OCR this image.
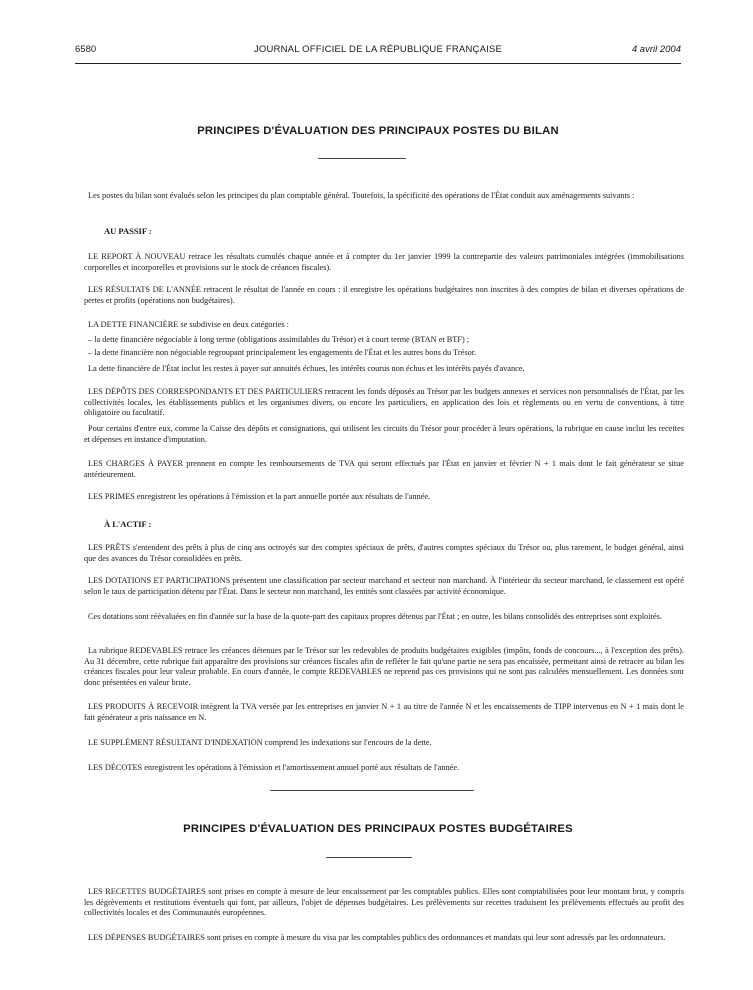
JOURNAL OFFICIEL DE LA RÉPUBLIQUE FRANÇAISE
6580	4 avril 2004
PRINCIPES D'ÉVALUATION DES PRINCIPAUX POSTES DU BILAN

Les postes du bilan sont évalués selon les principes du plan comptable général. Toutefois, la spécificité des opérations de l'État conduit aux aménagements suivants :

AU PASSIF :

LE REPORT À NOUVEAU retrace les résultats cumulés chaque année et à compter du 1er janvier 1999 la contrepartie des valeurs patrimoniales intégrées (immobilisations corporelles et incorporelles et provisions sur le stock de créances fiscales).

LES RÉSULTATS DE L'ANNÉE retracent le résultat de l'année en cours : il enregistre les opérations budgétaires non inscrites à des comptes de bilan et diverses opérations de pertes et profits (opérations non budgétaires).

LA DETTE FINANCIÈRE se subdivise en deux catégories :

– la dette financière négociable à long terme (obligations assimilables du Trésor) et à court terme (BTAN et BTF) ;
– la dette financière non négociable regroupant principalement les engagements de l'État et les autres bons du Trésor.

La dette financière de l'État inclut les restes à payer sur annuités échues, les intérêts courus non échus et les intérêts payés d'avance.

LES DÉPÔTS DES CORRESPONDANTS ET DES PARTICULIERS retracent les fonds déposés au Trésor par les budgets annexes et services non personnalisés de l'État, par les collectivités locales, les établissements publics et les organismes divers, ou encore les particuliers, en application des lois et règlements ou en vertu de conventions, à titre obligatoire ou facultatif.

Pour certains d'entre eux, comme la Caisse des dépôts et consignations, qui utilisent les circuits du Trésor pour procéder à leurs opérations, la rubrique en cause inclut les recettes et dépenses en instance d'imputation.

LES CHARGES À PAYER prennent en compte les remboursements de TVA qui seront effectués par l'État en janvier et février N + 1 mais dont le fait générateur se situe antérieurement.

LES PRIMES enregistrent les opérations à l'émission et la part annuelle portée aux résultats de l'année.

À L'ACTIF :

LES PRÊTS s'entendent des prêts à plus de cinq ans octroyés sur des comptes spéciaux de prêts, d'autres comptes spéciaux du Trésor ou, plus rarement, le budget général, ainsi que des avances du Trésor consolidées en prêts.

LES DOTATIONS ET PARTICIPATIONS présentent une classification par secteur marchand et secteur non marchand. À l'intérieur du secteur marchand, le classement est opéré selon le taux de participation détenu par l'État. Dans le secteur non marchand, les entités sont classées par activité économique.

Ces dotations sont réévaluées en fin d'année sur la base de la quote-part des capitaux propres détenus par l'État ; en outre, les bilans consolidés des entreprises sont exploités.

La rubrique REDEVABLES retrace les créances détenues par le Trésor sur les redevables de produits budgétaires exigibles (impôts, fonds de concours..., à l'exception des prêts). Au 31 décembre, cette rubrique fait apparaître des provisions sur créances fiscales afin de refléter le fait qu'une partie ne sera pas encaissée, permettant ainsi de retracer au bilan les créances fiscales pour leur valeur probable. En cours d'année, le compte REDEVABLES ne reprend pas ces provisions qui ne sont pas calculées mensuellement. Les données sont donc présentées en valeur brute.

LES PRODUITS À RECEVOIR intègrent la TVA versée par les entreprises en janvier N + 1 au titre de l'année N et les encaissements de TIPP intervenus en N + 1 mais dont le fait générateur a pris naissance en N.

LE SUPPLÉMENT RÉSULTANT D'INDEXATION comprend les indexations sur l'encours de la dette.

LES DÉCOTES enregistrent les opérations à l'émission et l'amortissement annuel porté aux résultats de l'année.

PRINCIPES D'ÉVALUATION DES PRINCIPAUX POSTES BUDGÉTAIRES

LES RECETTES BUDGÉTAIRES sont prises en compte à mesure de leur encaissement par les comptables publics. Elles sont comptabilisées pour leur montant brut, y compris les dégrèvements et restitutions éventuels qui font, par ailleurs, l'objet de dépenses budgétaires. Les prélèvements sur recettes traduisent les prélèvements effectués au profit des collectivités locales et des Communautés européennes.

LES DÉPENSES BUDGÉTAIRES sont prises en compte à mesure du visa par les comptables publics des ordonnances et mandats qui leur sont adressés par les ordonnateurs.
